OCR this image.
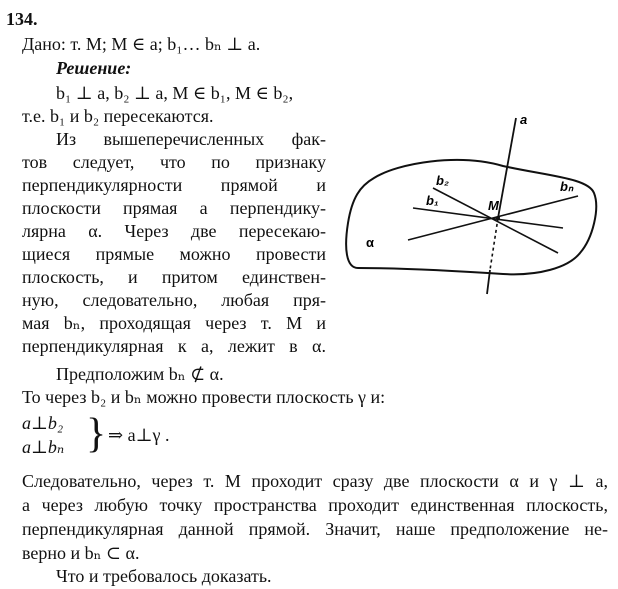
134.
Дано: т. M; M ∈ a; b₁… bₙ ⊥ a.
Решение:
b₁ ⊥ a, b₂ ⊥ a, M ∈ b₁, M ∈ b₂,
т.е. b₁ и b₂ пересекаются.
Из вышеперечисленных фак-
тов следует, что по признаку
перпендикулярности прямой и
плоскости прямая a перпендику-
лярна α. Через две пересекаю-
щиеся прямые можно провести
плоскость, и притом единствен-
ную, следовательно, любая пря-
мая bₙ, проходящая через т. M и
перпендикулярная к a, лежит в α.
Предположим bₙ ⊄ α.
То через b₂ и bₙ можно провести плоскость γ и:
a⊥b₂
a⊥bₙ } ⇒ a⊥γ .
Следовательно, через т. M проходит сразу две плоскости α и γ ⊥ a,
а через любую точку пространства проходит единственная плоскость,
перпендикулярная данной прямой. Значит, наше предположение не-
верно и bₙ ⊂ α.
Что и требовалось доказать.
a
b₂
b₁
bₙ
M
α
